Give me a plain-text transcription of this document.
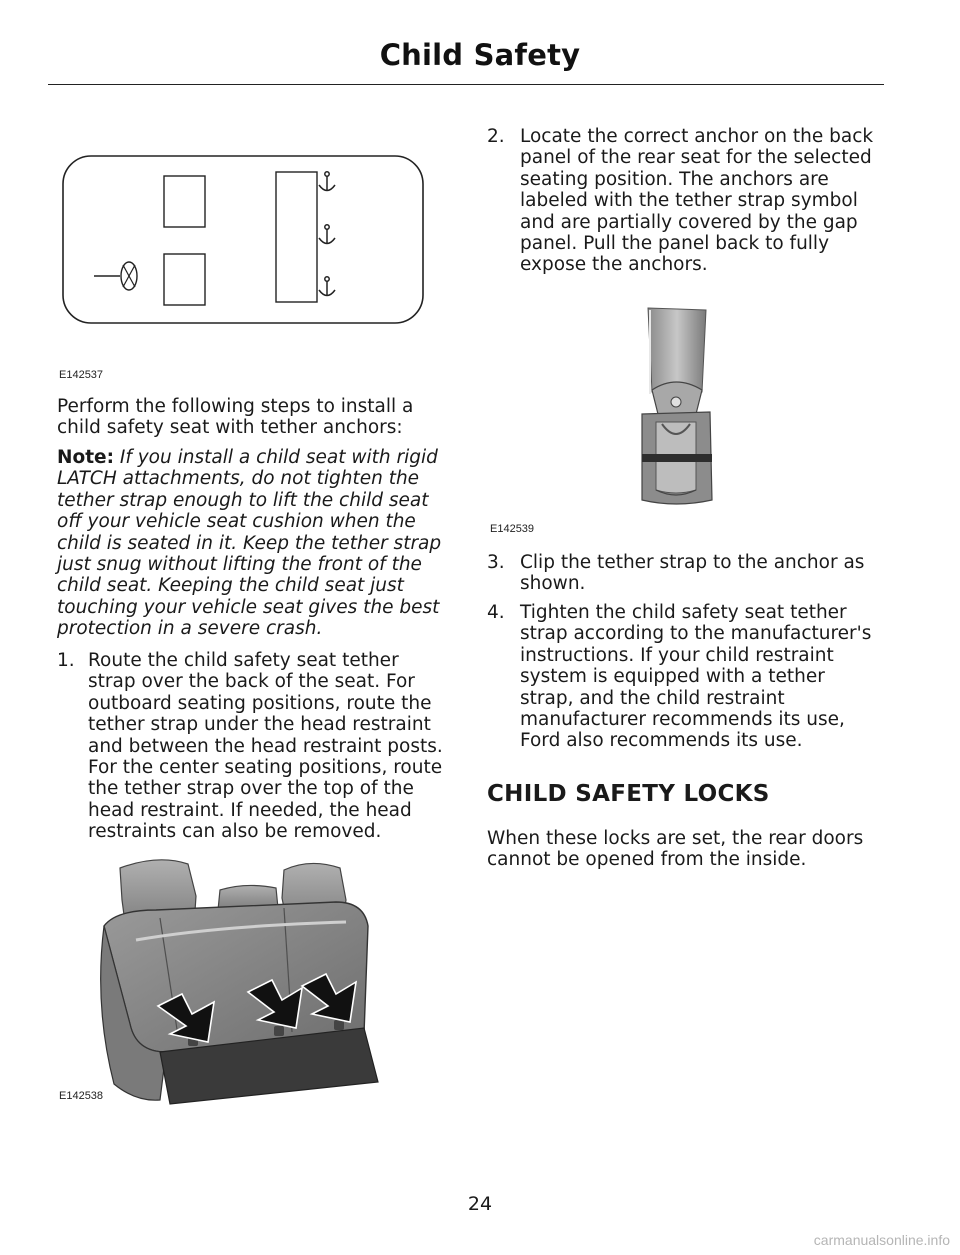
Child Safety
E142537

Perform the following steps to install a child safety seat with tether anchors:

Note: If you install a child seat with rigid LATCH attachments, do not tighten the tether strap enough to lift the child seat off your vehicle seat cushion when the child is seated in it. Keep the tether strap just snug without lifting the front of the child seat. Keeping the child seat just touching your vehicle seat gives the best protection in a severe crash.

1. Route the child safety seat tether strap over the back of the seat. For outboard seating positions, route the tether strap under the head restraint and between the head restraint posts. For the center seating positions, route the tether strap over the top of the head restraint. If needed, the head restraints can also be removed.
E142538
2. Locate the correct anchor on the back panel of the rear seat for the selected seating position. The anchors are labeled with the tether strap symbol and are partially covered by the gap panel. Pull the panel back to fully expose the anchors.
E142539
3. Clip the tether strap to the anchor as shown.
4. Tighten the child safety seat tether strap according to the manufacturer's instructions. If your child restraint system is equipped with a tether strap, and the child restraint manufacturer recommends its use, Ford also recommends its use.
CHILD SAFETY LOCKS

When these locks are set, the rear doors cannot be opened from the inside.

24
carmanualsonline.info
